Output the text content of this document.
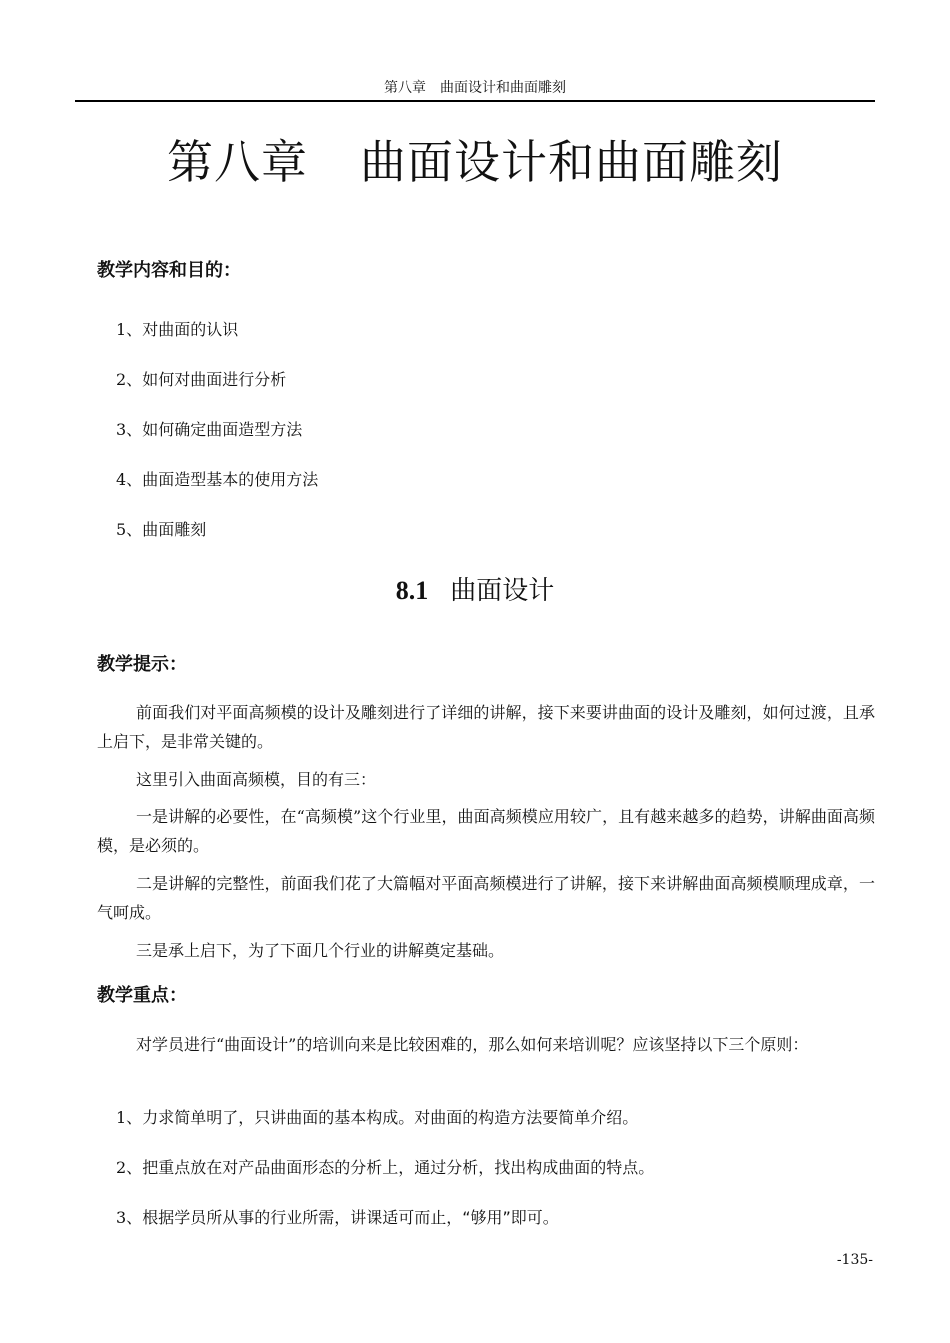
第八章　曲面设计和曲面雕刻
第八章 曲面设计和曲面雕刻
教学内容和目的：
1、对曲面的认识
2、如何对曲面进行分析
3、如何确定曲面造型方法
4、曲面造型基本的使用方法
5、曲面雕刻
8.1 曲面设计
教学提示：

前面我们对平面高频模的设计及雕刻进行了详细的讲解，接下来要讲曲面的设计及雕刻，如何过渡，且承上启下，是非常关键的。

这里引入曲面高频模，目的有三：

一是讲解的必要性，在“高频模”这个行业里，曲面高频模应用较广，且有越来越多的趋势，讲解曲面高频模，是必须的。

二是讲解的完整性，前面我们花了大篇幅对平面高频模进行了讲解，接下来讲解曲面高频模顺理成章，一气呵成。

三是承上启下，为了下面几个行业的讲解奠定基础。

教学重点：

对学员进行“曲面设计”的培训向来是比较困难的，那么如何来培训呢？应该坚持以下三个原则：

1、力求简单明了，只讲曲面的基本构成。对曲面的构造方法要简单介绍。
2、把重点放在对产品曲面形态的分析上，通过分析，找出构成曲面的特点。
3、根据学员所从事的行业所需，讲课适可而止，“够用”即可。
-135-
